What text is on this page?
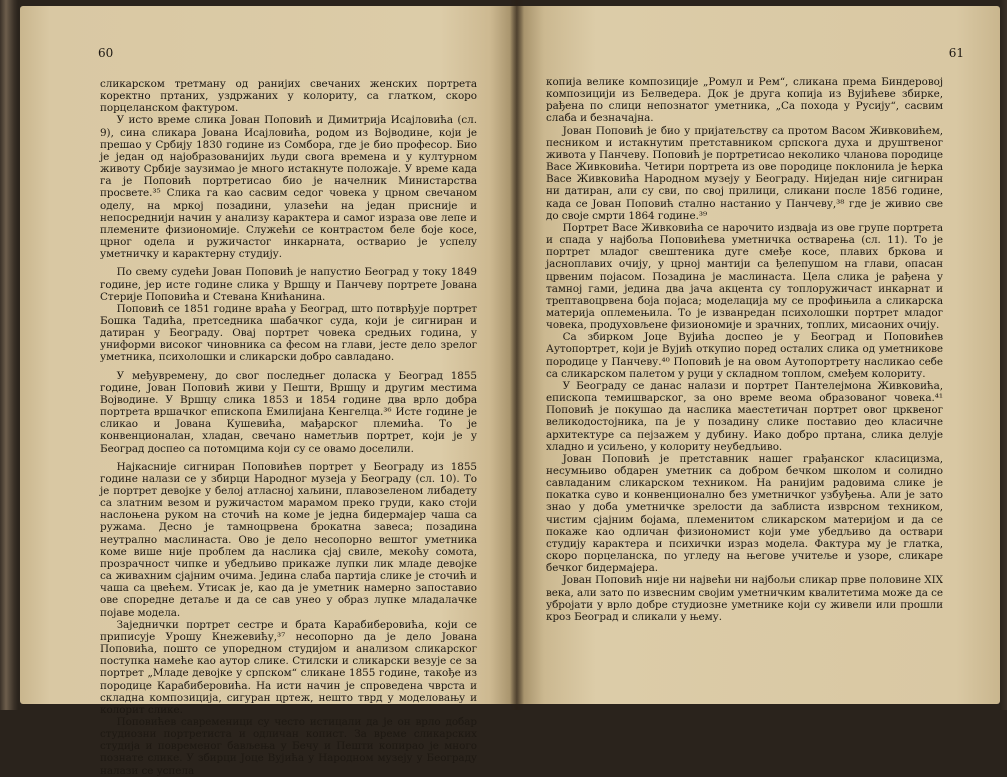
60

сликарском третману од ранијих свечаних женских портрета коректно пртаних, уздржаних у колориту, са глатком, скоро порцеланском фактуром.

У исто време слика Јован Поповић и Димитрија Исајловића (сл. 9), сина сликара Јована Исајловића, родом из Војводине, који је прешао у Србију 1830 године из Сомбора, где је био професор. Био је један од најобразованијих људи свога времена и у културном животу Србије заузимао је много истакнуте положаје. У време када га је Поповић портретисао био је начелник Министарства просвете.³⁵ Слика га као сасвим седог човека у црном свечаном оделу, на мркој позадини, улазећи на један присније и непосреднији начин у анализу карактера и самог израза ове лепе и племените физиономије. Служећи се контрастом беле боје косе, црног одела и ружичастог инкарната, остварио је успелу уметничку и карактерну студију.

По свему судећи Јован Поповић је напустио Београд у току 1849 године, јер исте године слика у Вршцу и Панчеву портрете Јована Стерије Поповића и Стевана Книћанина.

Поповић се 1851 године враћа у Београд, што потврђује портрет Бошка Тадића, претседника шабачког суда, који је сигниран и датиран у Београду. Овај портрет човека средњих година, у униформи високог чиновника са фесом на глави, јесте дело зрелог уметника, психолошки и сликарски добро савладано.

У међувремену, до свог последњег доласка у Београд 1855 године, Јован Поповић живи у Пешти, Вршцу и другим местима Војводине. У Вршцу слика 1853 и 1854 године два врло добра портрета вршачког епископа Емилијана Кенгелца.³⁶ Исте године је сликао и Јована Кушевића, мађарског племића. То је конвенционалан, хладан, свечано наметљив портрет, који је у Београд доспео са потомцима који су се овамо доселили.

Најкасније сигниран Поповићев портрет у Београду из 1855 године налази се у збирци Народног музеја у Београду (сл. 10). То је портрет девојке у белој атласној хаљини, плавозеленом либадету са златним везом и ружичастом марамом преко груди, како стоји наслоњена руком на сточић на коме је једна бидермајер чаша са ружама. Десно је тамноцрвена брокатна завеса; позадина неутрално маслинаста. Ово је дело несопорно вештог уметника коме више није проблем да наслика сјај свиле, мекоћу сомота, прозрачност чипке и убедљиво прикаже лупки лик младе девојке са живахним сјајним очима. Једина слаба партија слике је сточић и чаша са цвећем. Утисак је, као да је уметник намерно запоставио ове споредне детаље и да се сав унео у образ лупке младалачке појаве модела.

Заједнички портрет сестре и брата Карабиберовића, који се приписује Урошу Кнежевићу,³⁷ несопорно да је дело Јована Поповића, пошто се упоредном студијом и анализом сликарског поступка намеће као аутор слике. Стилски и сликарски везује се за портрет „Младе девојке у српском“ сликане 1855 године, такође из породице Карабиберовића. На исти начин је спроведена чврста и складна композиција, сигуран цртеж, нешто тврд у моделовању и колорит слике.

Поповићев савременици су често истицали да је он врло добар студиозни портретиста и одличан копист. За време сликарских студија и повременог бављења у Бечу и Пешти копирао је много познате слике. У збирци Јоце Вујића у Народном музеју у Београду налази се успела

61

копија велике композиције „Ромул и Рем“, сликана према Биндеровој композицији из Белведера. Док је друга копија из Вујићеве збирке, рађена по слици непознатог уметника, „Са похода у Русију“, сасвим слаба и безначајна.

Јован Поповић је био у пријатељству са протом Васом Живковићем, песником и истакнутим претставником српскога духа и друштвеног живота у Панчеву. Поповић је портретисао неколико чланова породице Васе Живковића. Четири портрета из ове породице поклонила је ћерка Васе Живковића Народном музеју у Београду. Ниједан није сигниран ни датиран, али су сви, по свој прилици, сликани после 1856 године, када се Јован Поповић стално настанио у Панчеву,³⁸ где је живио све до своје смрти 1864 године.³⁹

Портрет Васе Живковића се нарочито издваја из ове групе портрета и спада у најбоља Поповићева уметничка остварења (сл. 11). То је портрет младог свештеника дуге смеђе косе, плавих бркова и јасноплавих очију, у црној мантији са ђелепушом на глави, опасан црвеним појасом. Позадина је маслинаста. Цела слика је рађена у тамној гами, једина два јача акцента су топлоружичаст инкарнат и трептавоцрвена боја појаса; моделација му се профињила а сликарска материја оплемењила. То је изванредан психолошки портрет младог човека, продуховљене физиономије и зрачних, топлих, мисаоних очију.

Са збирком Јоце Вујића доспео је у Београд и Поповићев Аутопортрет, који је Вујић откупио поред осталих слика од уметникове породице у Панчеву.⁴⁰ Поповић је на овом Аутопортрету насликао себе са сликарском палетом у руци у складном топлом, смеђем колориту.

У Београду се данас налази и портрет Пантелејмона Живковића, епископа темишварског, за оно време веома образованог човека.⁴¹ Поповић је покушао да наслика маестетичан портрет овог црквеног великодостојника, па је у позадину слике поставио део класичне архитектуре са пејзажем у дубину. Иако добро пртана, слика делује хладно и усиљено, у колориту неубедљиво.

Јован Поповић је претставник нашег грађанског класицизма, несумњиво обдарен уметник са добром бечком школом и солидно савладаним сликарском техником. На ранијим радовима слике је покатка суво и конвенционално без уметничког узбуђења. Али је зато знао у доба уметничке зрелости да заблиста изврсном техником, чистим сјајним бојама, племенитом сликарском материјом и да се покаже као одличан физиономист који уме убедљиво да оствари студију карактера и психички израз модела. Фактура му је глатка, скоро порцеланска, по угледу на његове учитеље и узоре, сликаре бечког бидермајера.

Јован Поповић није ни највећи ни најбољи сликар прве половине XIX века, али зато по извесним својим уметничким квалитетима може да се убројати у врло добре студиозне уметнике који су живели или прошли кроз Београд и сликали у њему.
